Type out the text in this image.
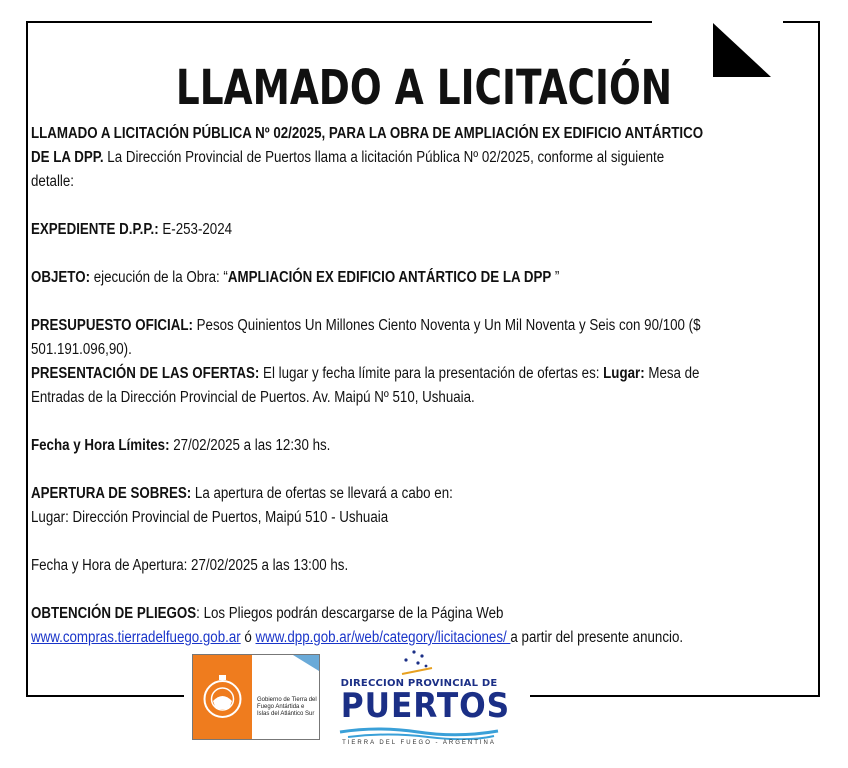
LLAMADO A LICITACIÓN

LLAMADO A LICITACIÓN PÚBLICA Nº 02/2025, PARA LA OBRA DE AMPLIACIÓN EX EDIFICIO ANTÁRTICO DE LA DPP. La Dirección Provincial de Puertos llama a licitación Pública Nº 02/2025, conforme al siguiente detalle:

EXPEDIENTE D.P.P.: E-253-2024

OBJETO: ejecución de la Obra: “AMPLIACIÓN EX EDIFICIO ANTÁRTICO DE LA DPP ”

PRESUPUESTO OFICIAL: Pesos Quinientos Un Millones Ciento Noventa y Un Mil Noventa y Seis con 90/100 ($ 501.191.096,90).

PRESENTACIÓN DE LAS OFERTAS: El lugar y fecha límite para la presentación de ofertas es: Lugar: Mesa de Entradas de la Dirección Provincial de Puertos. Av. Maipú Nº 510, Ushuaia.

Fecha y Hora Límites: 27/02/2025 a las 12:30 hs.

APERTURA DE SOBRES: La apertura de ofertas se llevará a cabo en:

Lugar: Dirección Provincial de Puertos, Maipú 510 - Ushuaia

Fecha y Hora de Apertura: 27/02/2025 a las 13:00 hs.

OBTENCIÓN DE PLIEGOS: Los Pliegos podrán descargarse de la Página Web www.compras.tierradelfuego.gob.ar ó www.dpp.gob.ar/web/category/licitaciones/ a partir del presente anuncio.

Gobierno de Tierra del Fuego Antártida e Islas del Atlántico Sur
DIRECCION PROVINCIAL DE
PUERTOS
TIERRA DEL FUEGO - ARGENTINA
